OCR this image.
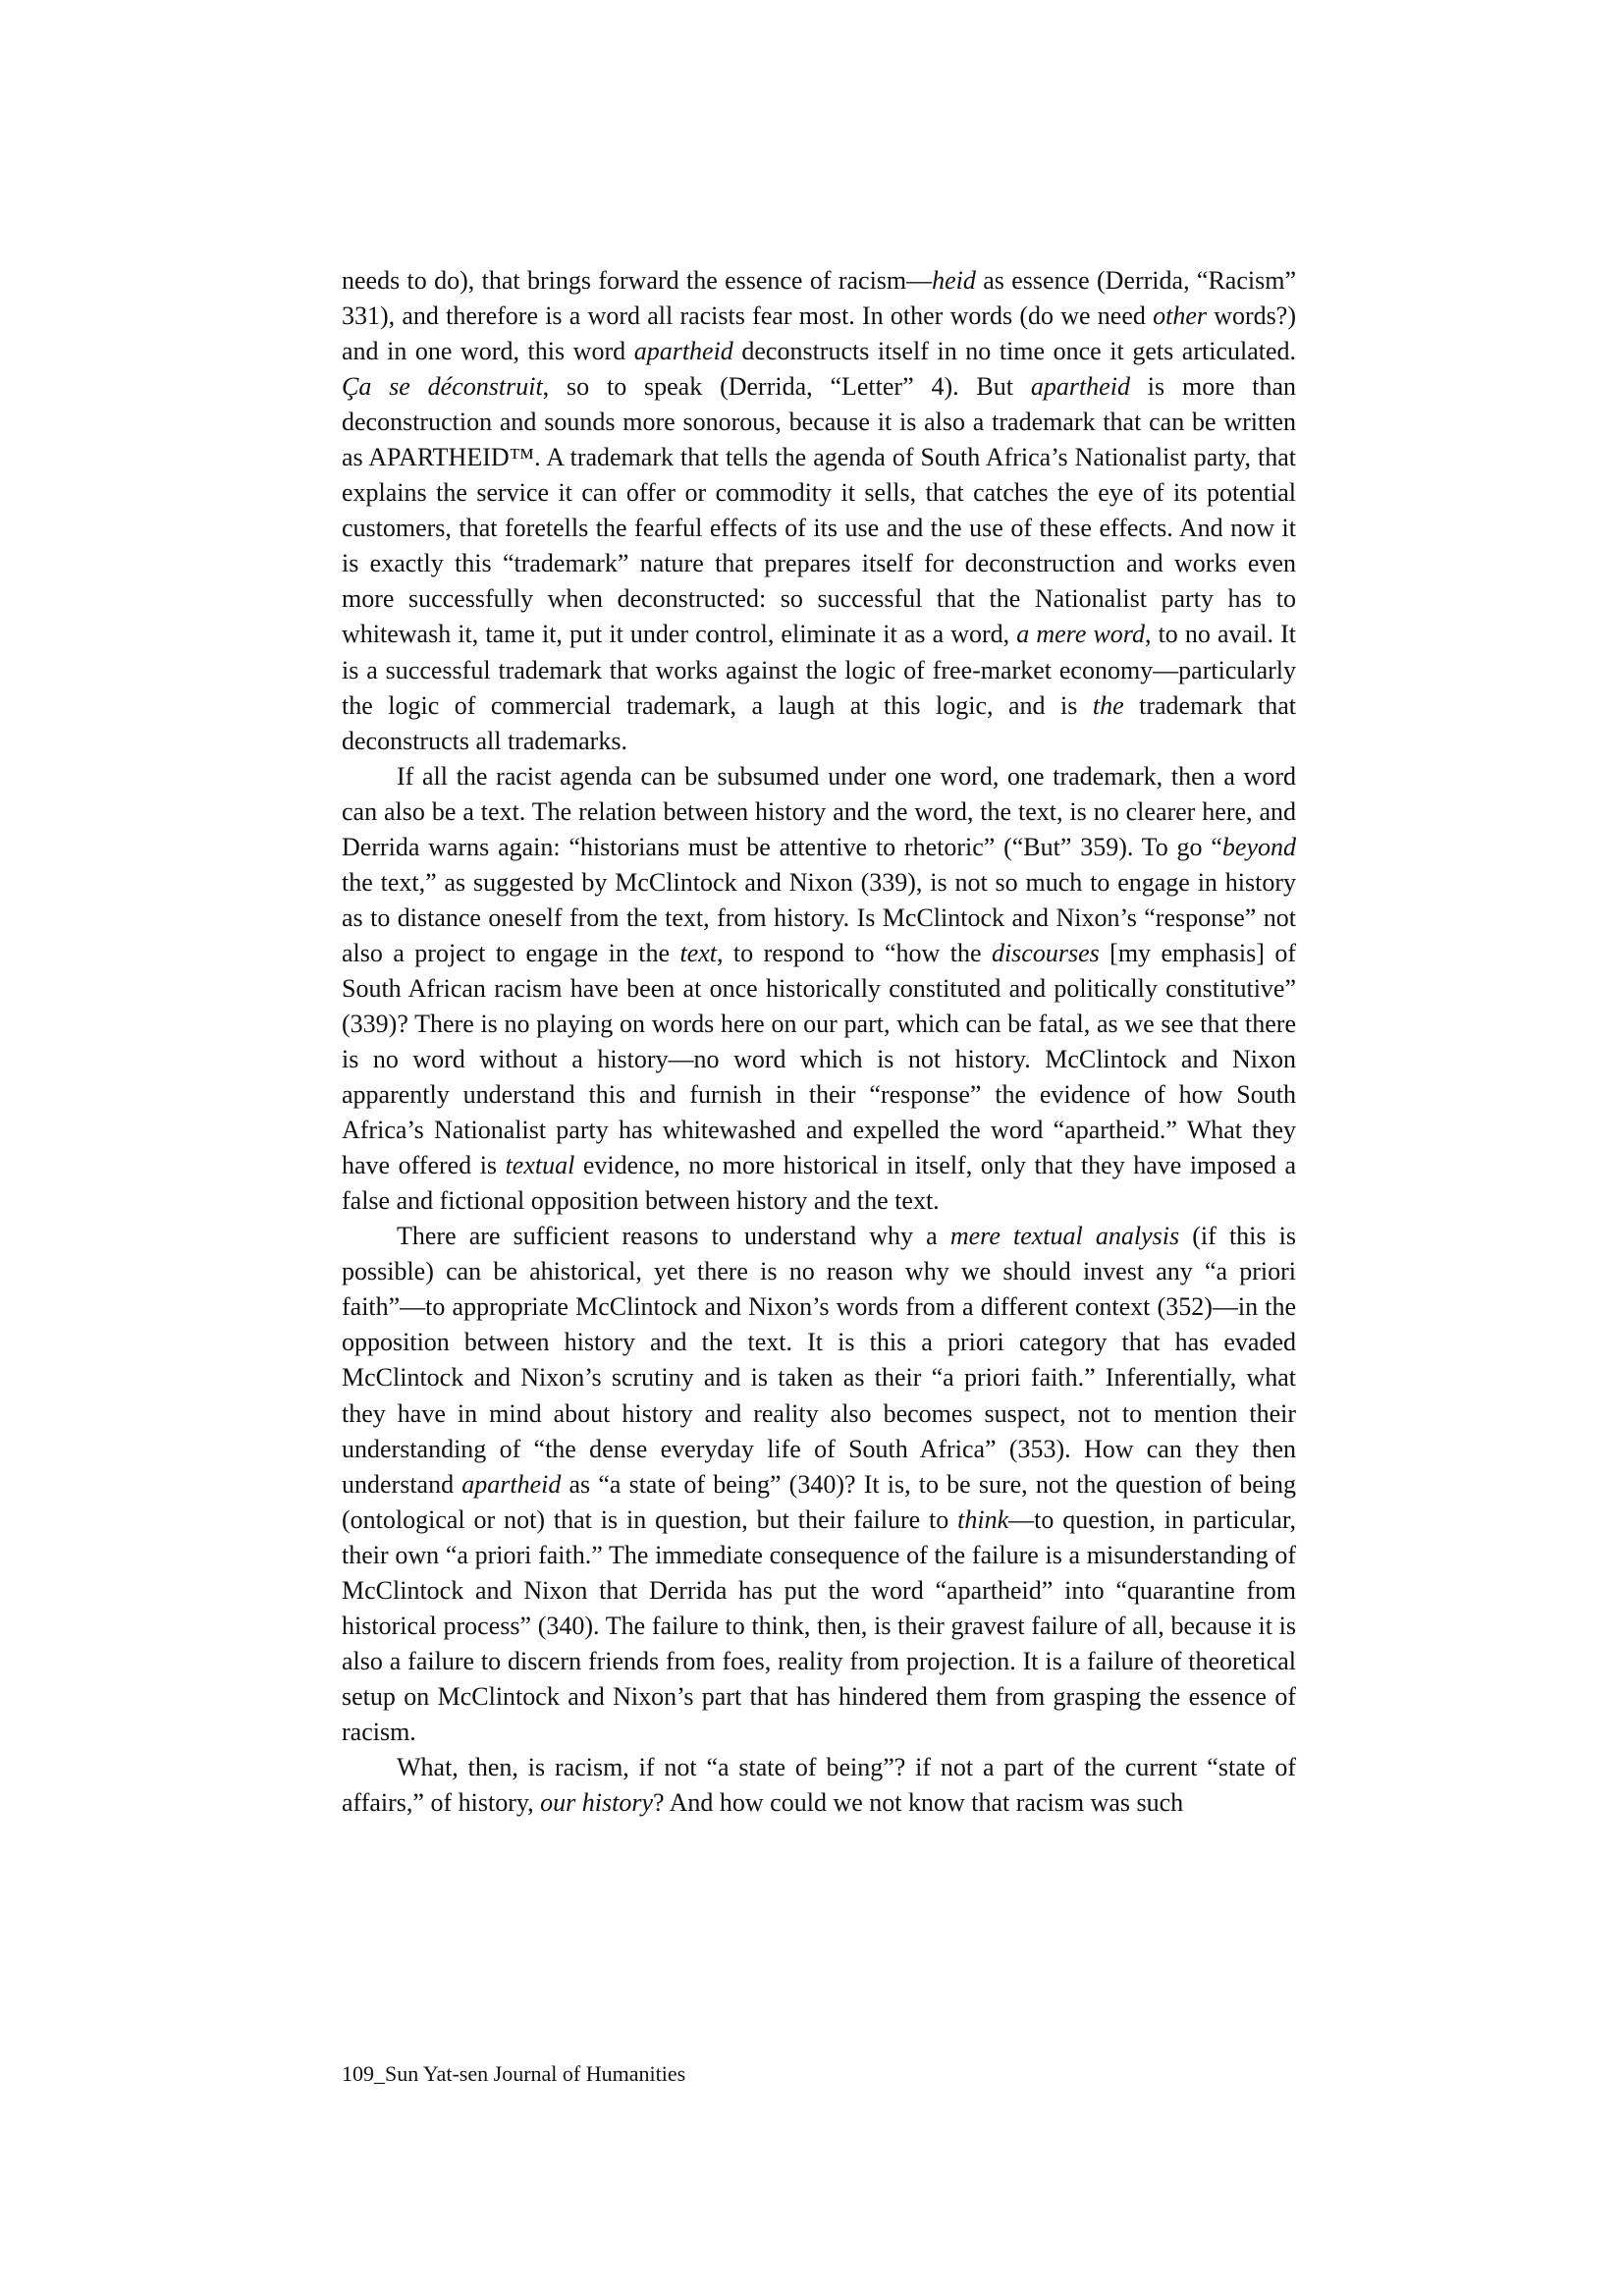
needs to do), that brings forward the essence of racism—heid as essence (Derrida, “Racism” 331), and therefore is a word all racists fear most. In other words (do we need other words?) and in one word, this word apartheid deconstructs itself in no time once it gets articulated. Ça se déconstruit, so to speak (Derrida, “Letter” 4). But apartheid is more than deconstruction and sounds more sonorous, because it is also a trademark that can be written as APARTHEID™. A trademark that tells the agenda of South Africa’s Nationalist party, that explains the service it can offer or commodity it sells, that catches the eye of its potential customers, that foretells the fearful effects of its use and the use of these effects. And now it is exactly this “trademark” nature that prepares itself for deconstruction and works even more successfully when deconstructed: so successful that the Nationalist party has to whitewash it, tame it, put it under control, eliminate it as a word, a mere word, to no avail. It is a successful trademark that works against the logic of free-market economy—particularly the logic of commercial trademark, a laugh at this logic, and is the trademark that deconstructs all trademarks.

If all the racist agenda can be subsumed under one word, one trademark, then a word can also be a text. The relation between history and the word, the text, is no clearer here, and Derrida warns again: “historians must be attentive to rhetoric” (“But” 359). To go “beyond the text,” as suggested by McClintock and Nixon (339), is not so much to engage in history as to distance oneself from the text, from history. Is McClintock and Nixon’s “response” not also a project to engage in the text, to respond to “how the discourses [my emphasis] of South African racism have been at once historically constituted and politically constitutive” (339)? There is no playing on words here on our part, which can be fatal, as we see that there is no word without a history—no word which is not history. McClintock and Nixon apparently understand this and furnish in their “response” the evidence of how South Africa’s Nationalist party has whitewashed and expelled the word “apartheid.” What they have offered is textual evidence, no more historical in itself, only that they have imposed a false and fictional opposition between history and the text.

There are sufficient reasons to understand why a mere textual analysis (if this is possible) can be ahistorical, yet there is no reason why we should invest any “a priori faith”—to appropriate McClintock and Nixon’s words from a different context (352)—in the opposition between history and the text. It is this a priori category that has evaded McClintock and Nixon’s scrutiny and is taken as their “a priori faith.” Inferentially, what they have in mind about history and reality also becomes suspect, not to mention their understanding of “the dense everyday life of South Africa” (353). How can they then understand apartheid as “a state of being” (340)? It is, to be sure, not the question of being (ontological or not) that is in question, but their failure to think—to question, in particular, their own “a priori faith.” The immediate consequence of the failure is a misunderstanding of McClintock and Nixon that Derrida has put the word “apartheid” into “quarantine from historical process” (340). The failure to think, then, is their gravest failure of all, because it is also a failure to discern friends from foes, reality from projection. It is a failure of theoretical setup on McClintock and Nixon’s part that has hindered them from grasping the essence of racism.

What, then, is racism, if not “a state of being”? if not a part of the current “state of affairs,” of history, our history? And how could we not know that racism was such

109_Sun Yat-sen Journal of Humanities
